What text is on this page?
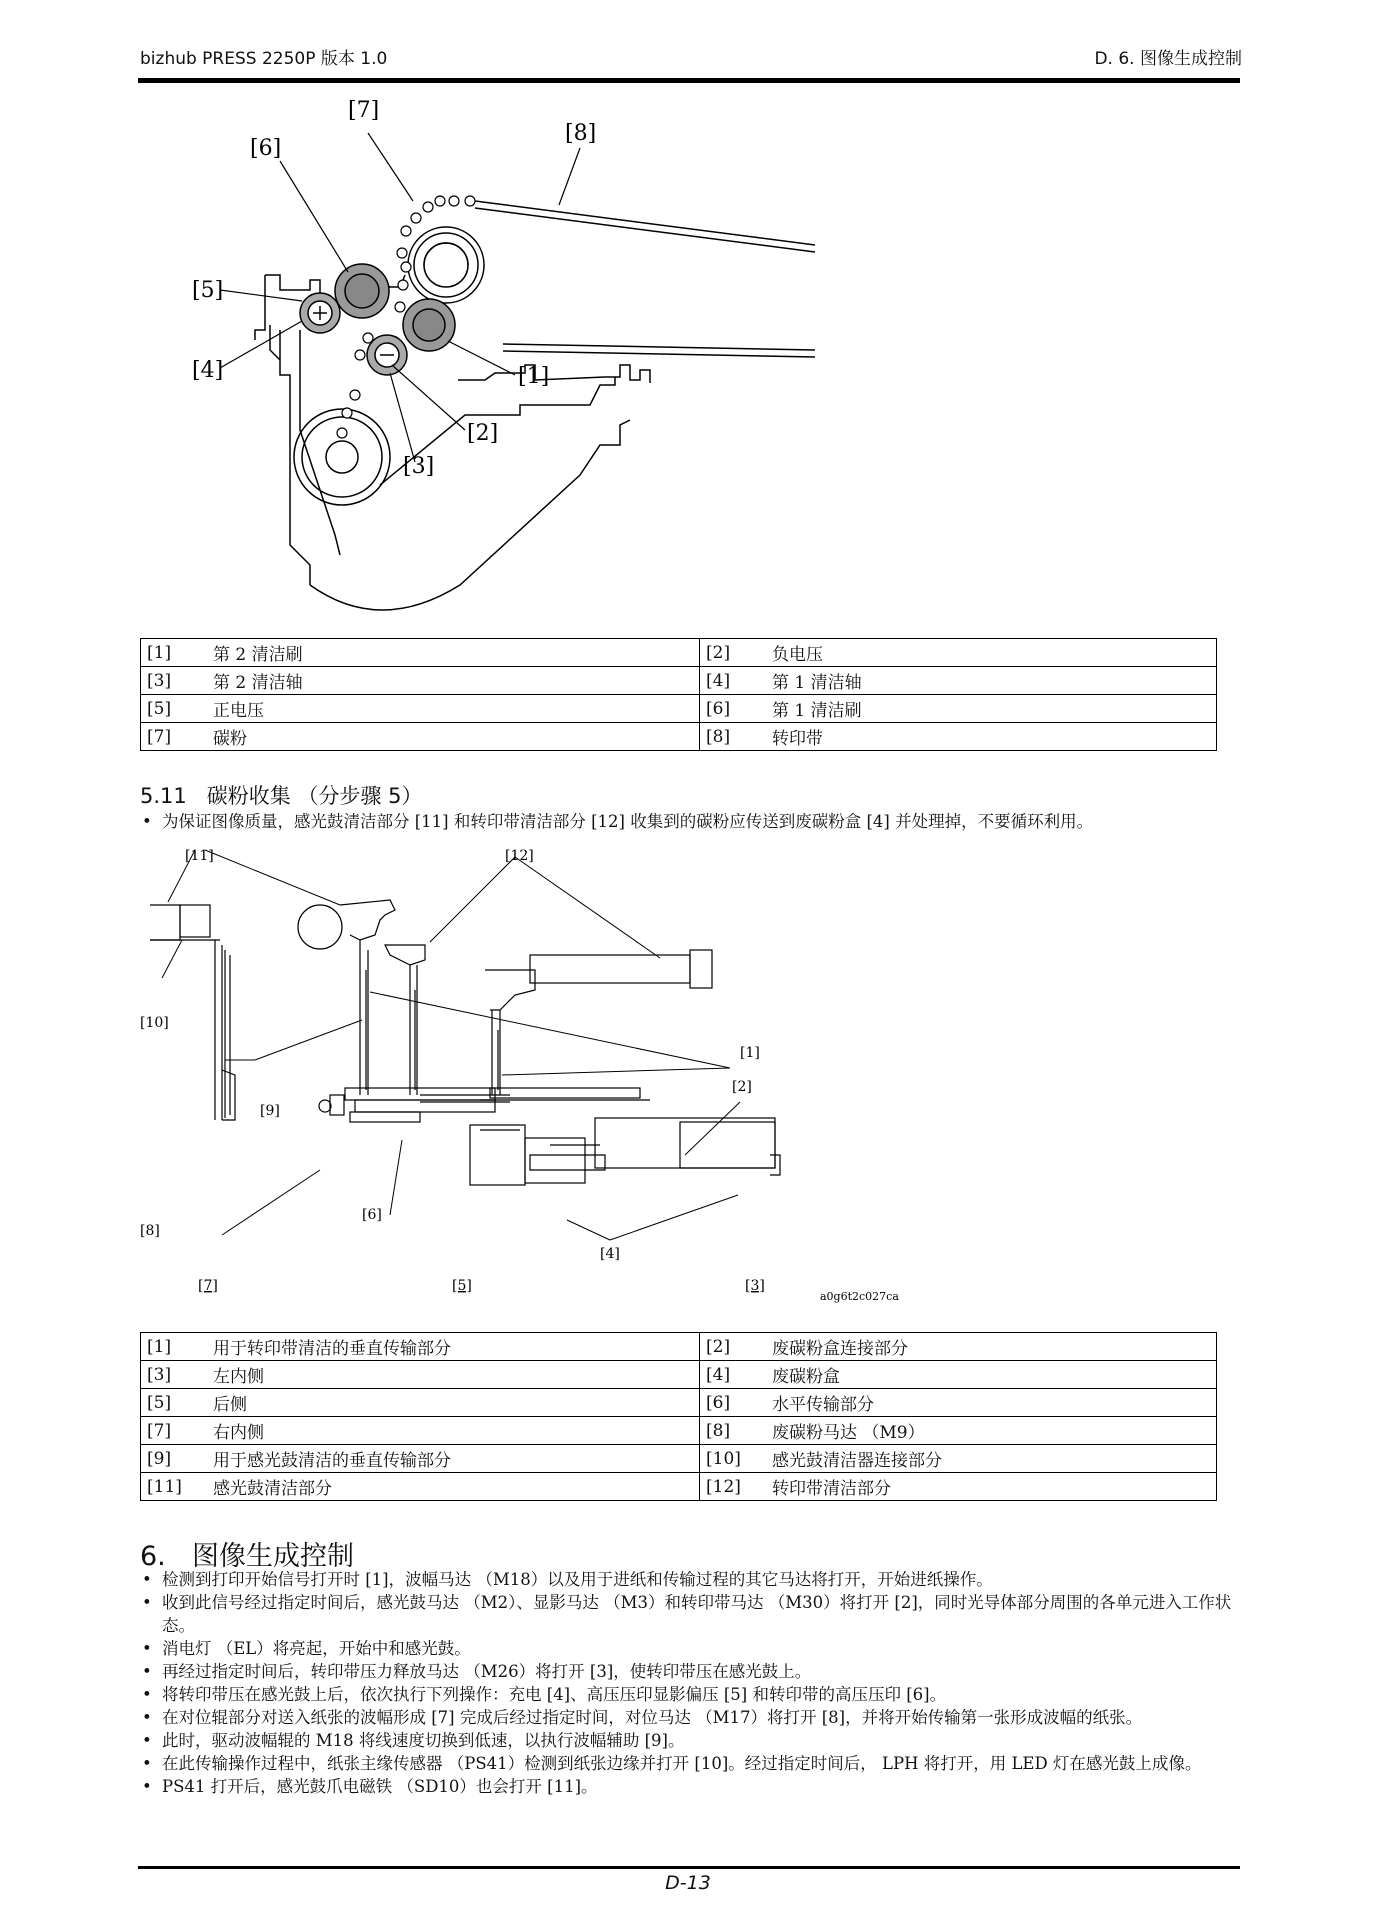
bizhub PRESS 2250P 版本 1.0	D. 6. 图像生成控制
[7]
[6]
[5]
[4]
[8]
[1]
[2]
[3]
[1]	第 2 清洁刷	[2]	负电压
[3]	第 2 清洁轴	[4]	第 1 清洁轴
[5]	正电压	[6]	第 1 清洁刷
[7]	碳粉	[8]	转印带
5.11 碳粉收集 （分步骤 5）
• 为保证图像质量，感光鼓清洁部分 [11] 和转印带清洁部分 [12] 收集到的碳粉应传送到废碳粉盒 [4] 并处理掉，不要循环利用。
[11]	[12]
[10]
[9]
[1]
[2]
[6]
[8]
[4]
[7]	[5]	[3]
a0g6t2c027ca
[1]	用于转印带清洁的垂直传输部分	[2]	废碳粉盒连接部分
[3]	左内侧	[4]	废碳粉盒
[5]	后侧	[6]	水平传输部分
[7]	右内侧	[8]	废碳粉马达 （M9）
[9]	用于感光鼓清洁的垂直传输部分	[10]	感光鼓清洁器连接部分
[11]	感光鼓清洁部分	[12]	转印带清洁部分
6. 图像生成控制
• 检测到打印开始信号打开时 [1]，波幅马达 （M18）以及用于进纸和传输过程的其它马达将打开，开始进纸操作。
• 收到此信号经过指定时间后，感光鼓马达 （M2）、显影马达 （M3）和转印带马达 （M30）将打开 [2]，同时光导体部分周围的各单元进入工作状态。
• 消电灯 （EL）将亮起，开始中和感光鼓。
• 再经过指定时间后，转印带压力释放马达 （M26）将打开 [3]，使转印带压在感光鼓上。
• 将转印带压在感光鼓上后，依次执行下列操作：充电 [4]、高压压印显影偏压 [5] 和转印带的高压压印 [6]。
• 在对位辊部分对送入纸张的波幅形成 [7] 完成后经过指定时间，对位马达 （M17）将打开 [8]，并将开始传输第一张形成波幅的纸张。
• 此时，驱动波幅辊的 M18 将线速度切换到低速，以执行波幅辅助 [9]。
• 在此传输操作过程中，纸张主缘传感器 （PS41）检测到纸张边缘并打开 [10]。经过指定时间后， LPH 将打开，用 LED 灯在感光鼓上成像。
• PS41 打开后，感光鼓爪电磁铁 （SD10）也会打开 [11]。
D-13
